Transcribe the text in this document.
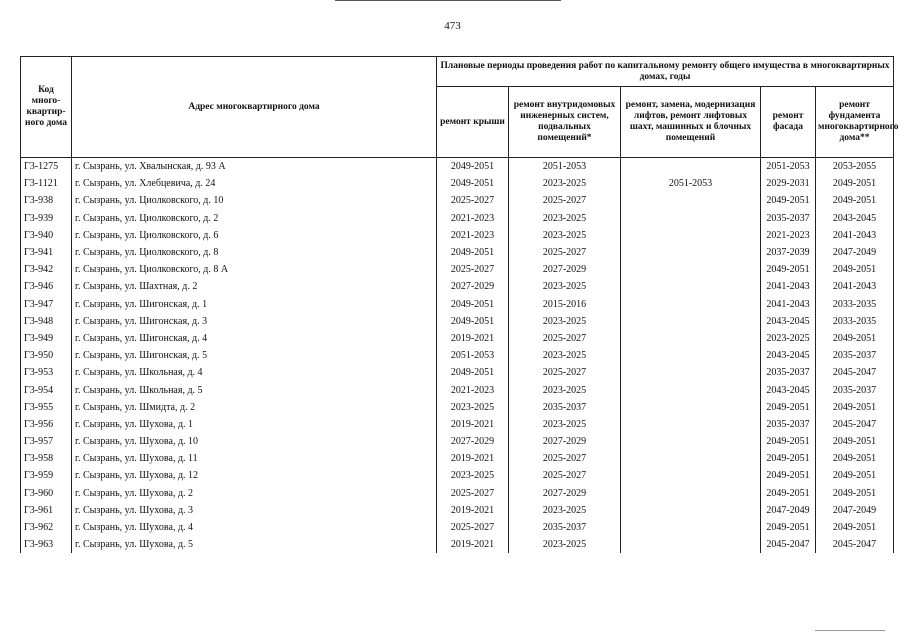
473
Код много-квартир-ного дома	Адрес многоквартирного дома	Плановые периоды проведения работ по капитальному ремонту общего имущества в многоквартирных домах, годы				
		ремонт крыши	ремонт внутридомовых инженерных систем, подвальных помещений*	ремонт, замена, модернизация лифтов, ремонт лифтовых шахт, машинных и блочных помещений	ремонт фасада	ремонт фундамента многоквартирного дома**
Г3-1275	г. Сызрань, ул. Хвалынская, д. 93 А	2049-2051	2051-2053		2051-2053	2053-2055
Г3-1121	г. Сызрань, ул. Хлебцевича, д. 24	2049-2051	2023-2025	2051-2053	2029-2031	2049-2051
Г3-938	г. Сызрань, ул. Циолковского, д. 10	2025-2027	2025-2027		2049-2051	2049-2051
Г3-939	г. Сызрань, ул. Циолковского, д. 2	2021-2023	2023-2025		2035-2037	2043-2045
Г3-940	г. Сызрань, ул. Циолковского, д. 6	2021-2023	2023-2025		2021-2023	2041-2043
Г3-941	г. Сызрань, ул. Циолковского, д. 8	2049-2051	2025-2027		2037-2039	2047-2049
Г3-942	г. Сызрань, ул. Циолковского, д. 8 А	2025-2027	2027-2029		2049-2051	2049-2051
Г3-946	г. Сызрань, ул. Шахтная, д. 2	2027-2029	2023-2025		2041-2043	2041-2043
Г3-947	г. Сызрань, ул. Шигонская, д. 1	2049-2051	2015-2016		2041-2043	2033-2035
Г3-948	г. Сызрань, ул. Шигонская, д. 3	2049-2051	2023-2025		2043-2045	2033-2035
Г3-949	г. Сызрань, ул. Шигонская, д. 4	2019-2021	2025-2027		2023-2025	2049-2051
Г3-950	г. Сызрань, ул. Шигонская, д. 5	2051-2053	2023-2025		2043-2045	2035-2037
Г3-953	г. Сызрань, ул. Школьная, д. 4	2049-2051	2025-2027		2035-2037	2045-2047
Г3-954	г. Сызрань, ул. Школьная, д. 5	2021-2023	2023-2025		2043-2045	2035-2037
Г3-955	г. Сызрань, ул. Шмидта, д. 2	2023-2025	2035-2037		2049-2051	2049-2051
Г3-956	г. Сызрань, ул. Шухова, д. 1	2019-2021	2023-2025		2035-2037	2045-2047
Г3-957	г. Сызрань, ул. Шухова, д. 10	2027-2029	2027-2029		2049-2051	2049-2051
Г3-958	г. Сызрань, ул. Шухова, д. 11	2019-2021	2025-2027		2049-2051	2049-2051
Г3-959	г. Сызрань, ул. Шухова, д. 12	2023-2025	2025-2027		2049-2051	2049-2051
Г3-960	г. Сызрань, ул. Шухова, д. 2	2025-2027	2027-2029		2049-2051	2049-2051
Г3-961	г. Сызрань, ул. Шухова, д. 3	2019-2021	2023-2025		2047-2049	2047-2049
Г3-962	г. Сызрань, ул. Шухова, д. 4	2025-2027	2035-2037		2049-2051	2049-2051
Г3-963	г. Сызрань, ул. Шухова, д. 5	2019-2021	2023-2025		2045-2047	2045-2047
